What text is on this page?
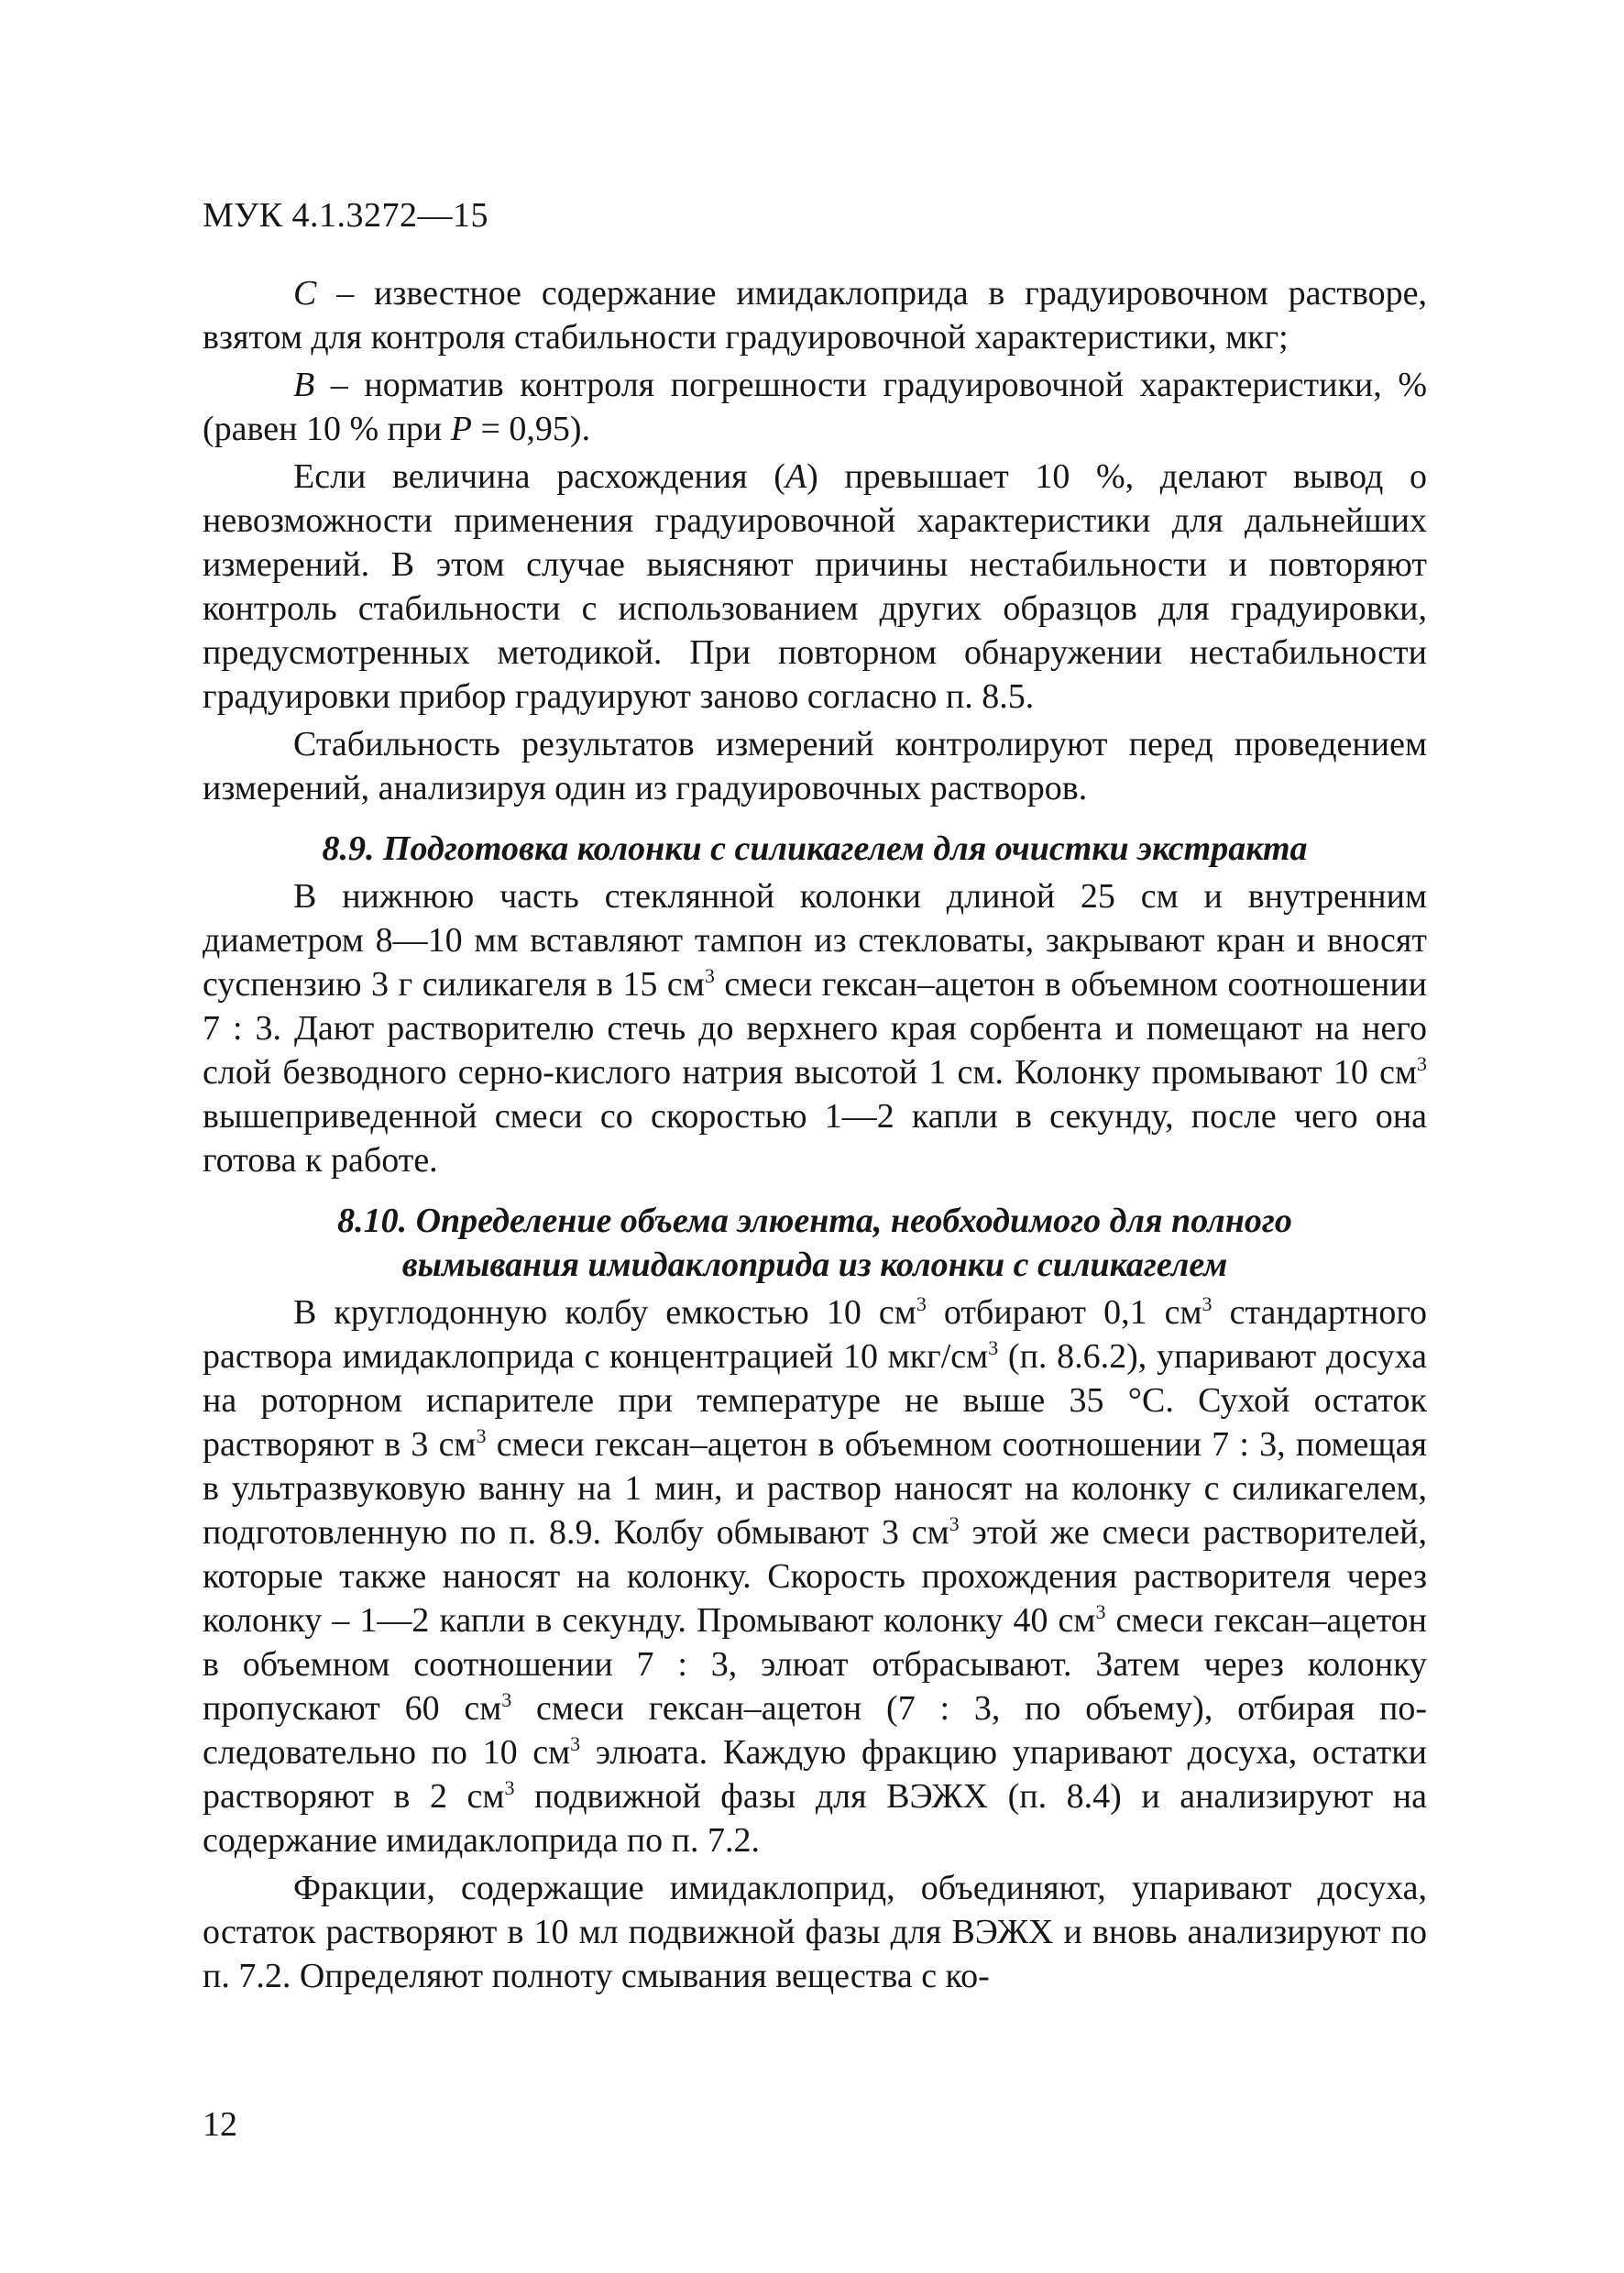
МУК 4.1.3272—15

С – известное содержание имидаклоприда в градуировочном растворе, взятом для контроля стабильности градуировочной характеристики, мкг;

В – норматив контроля погрешности градуировочной характеристики, % (равен 10 % при Р = 0,95).

Если величина расхождения (А) превышает 10 %, делают вывод о невозможности применения градуировочной характеристики для дальнейших измерений. В этом случае выясняют причины нестабильности и повторяют контроль стабильности с использованием других образцов для градуировки, предусмотренных методикой. При повторном обнаружении нестабильности градуировки прибор градуируют заново согласно п. 8.5.

Стабильность результатов измерений контролируют перед проведением измерений, анализируя один из градуировочных растворов.

8.9. Подготовка колонки с силикагелем для очистки экстракта

В нижнюю часть стеклянной колонки длиной 25 см и внутренним диаметром 8—10 мм вставляют тампон из стекловаты, закрывают кран и вносят суспензию 3 г силикагеля в 15 $см^3$ смеси гексан–ацетон в объемном соотношении 7 : 3. Дают растворителю стечь до верхнего края сорбента и помещают на него слой безводного серно-кислого натрия высотой 1 см. Колонку промывают 10 $см^3$ вышеприведенной смеси со скоростью 1—2 капли в секунду, после чего она готова к работе.

8.10. Определение объема элюента, необходимого для полного вымывания имидаклоприда из колонки с силикагелем

В круглодонную колбу емкостью 10 $см^3$ отбирают 0,1 $см^3$ стандартного раствора имидаклоприда с концентрацией 10 мкг/$см^3$ (п. 8.6.2), упаривают досуха на роторном испарителе при температуре не выше 35 °С. Сухой остаток растворяют в 3 $см^3$ смеси гексан–ацетон в объемном соотношении 7 : 3, помещая в ультразвуковую ванну на 1 мин, и раствор наносят на колонку с силикагелем, подготовленную по п. 8.9. Колбу обмывают 3 $см^3$ этой же смеси растворителей, которые также наносят на колонку. Скорость прохождения растворителя через колонку – 1—2 капли в секунду. Промывают колонку 40 $см^3$ смеси гексан–ацетон в объемном соотношении 7 : 3, элюат отбрасывают. Затем через колонку пропускают 60 $см^3$ смеси гексан–ацетон (7 : 3, по объему), отбирая последовательно по 10 $см^3$ элюата. Каждую фракцию упаривают досуха, остатки растворяют в 2 $см^3$ подвижной фазы для ВЭЖХ (п. 8.4) и анализируют на содержание имидаклоприда по п. 7.2.

Фракции, содержащие имидаклоприд, объединяют, упаривают досуха, остаток растворяют в 10 мл подвижной фазы для ВЭЖХ и вновь анализируют по п. 7.2. Определяют полноту смывания вещества с ко-

12
